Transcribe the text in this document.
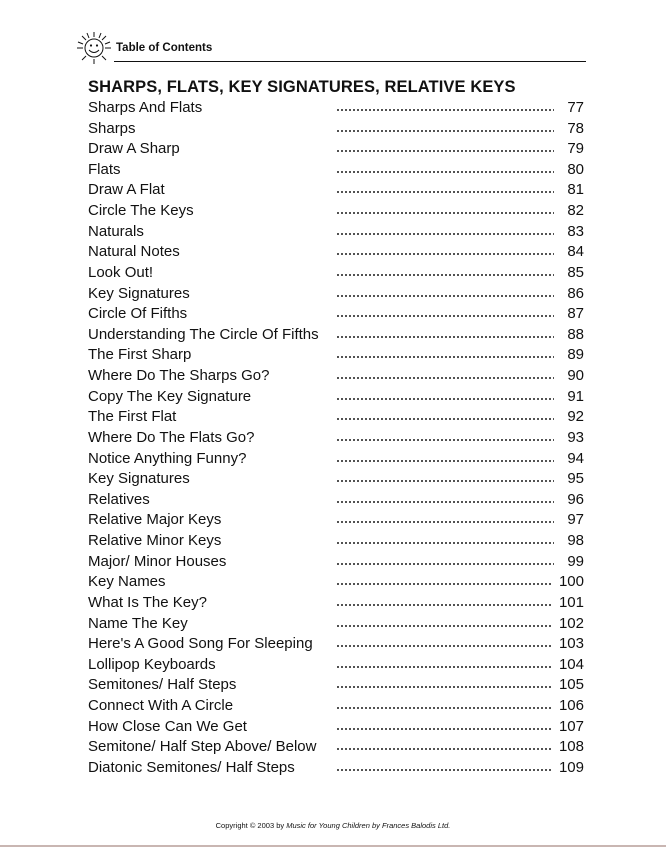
Table of Contents
SHARPS, FLATS, KEY SIGNATURES, RELATIVE KEYS
Sharps And Flats	77
Sharps	78
Draw A Sharp	79
Flats	80
Draw A Flat	81
Circle The Keys	82
Naturals	83
Natural Notes	84
Look Out!	85
Key Signatures	86
Circle Of Fifths	87
Understanding The Circle Of Fifths	88
The First Sharp	89
Where Do The Sharps Go?	90
Copy The Key Signature	91
The First Flat	92
Where Do The Flats Go?	93
Notice Anything Funny?	94
Key Signatures	95
Relatives	96
Relative Major Keys	97
Relative Minor Keys	98
Major/ Minor Houses	99
Key Names	100
What Is The Key?	101
Name The Key	102
Here's A Good Song For Sleeping	103
Lollipop Keyboards	104
Semitones/ Half Steps	105
Connect With A Circle	106
How Close Can We Get	107
Semitone/ Half Step Above/ Below	108
Diatonic Semitones/ Half Steps	109
Copyright © 2003 by Music for Young Children by Frances Balodis Ltd.
